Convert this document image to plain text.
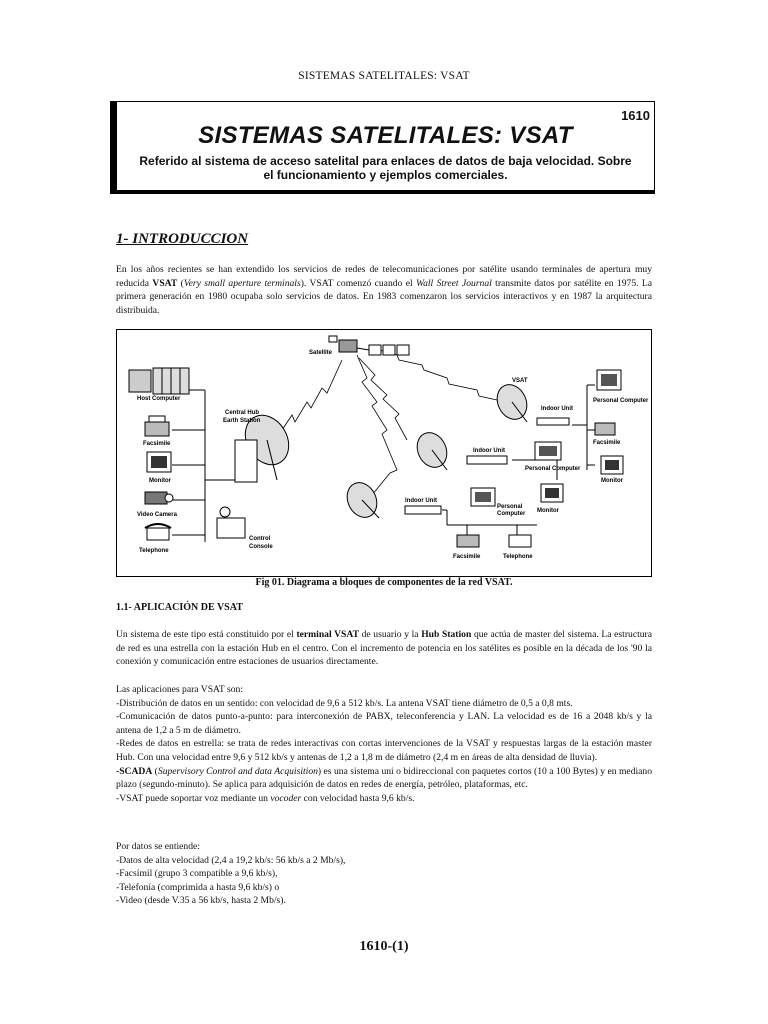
SISTEMAS SATELITALES: VSAT
1610
SISTEMAS SATELITALES: VSAT
Referido al sistema de acceso satelital para enlaces de datos de baja velocidad. Sobre el funcionamiento y ejemplos comerciales.
1- INTRODUCCION

En los años recientes se han extendido los servicios de redes de telecomunicaciones por satélite usando terminales de apertura muy reducida VSAT (Very small aperture terminals). VSAT comenzó cuando el Wall Street Journal transmite datos por satélite en 1975. La primera generación en 1980 ocupaba solo servicios de datos. En 1983 comenzaron los servicios interactivos y en 1987 la arquitectura distribuida.

Satellite
VSAT
Host Computer
Central Hub
Earth Station
Facsimile
Monitor
Video Camera
Telephone
Control
Console
Indoor Unit
Personal Computer
Facsimile
Monitor
Indoor Unit
Personal Computer
Monitor
Indoor Unit
Personal
Computer
Facsimile	Telephone
Fig 01. Diagrama a bloques de componentes de la red VSAT.
1.1- APLICACIÓN DE VSAT

Un sistema de este tipo está constituido por el terminal VSAT de usuario y la Hub Station que actúa de master del sistema. La estructura de red es una estrella con la estación Hub en el centro. Con el incremento de potencia en los satélites es posible en la década de los '90 la conexión y comunicación entre estaciones de usuarios directamente.

Las aplicaciones para VSAT son:

-Distribución de datos en un sentido: con velocidad de 9,6 a 512 kb/s. La antena VSAT tiene diámetro de 0,5 a 0,8 mts.

-Comunicación de datos punto-a-punto: para interconexión de PABX, teleconferencia y LAN. La velocidad es de 16 a 2048 kb/s y la antena de 1,2 a 5 m de diámetro.

-Redes de datos en estrella: se trata de redes interactivas con cortas intervenciones de la VSAT y respuestas largas de la estación master Hub. Con una velocidad entre 9,6 y 512 kb/s y antenas de 1,2 a 1,8 m de diámetro (2,4 m en áreas de alta densidad de lluvia).

-SCADA (Supervisory Control and data Acquisition) es una sistema uni o bidireccional con paquetes cortos (10 a 100 Bytes) y en mediano plazo (segundo-minuto). Se aplica para adquisición de datos en redes de energía, petróleo, plataformas, etc.

-VSAT puede soportar voz mediante un vocoder con velocidad hasta 9,6 kb/s.

Por datos se entiende:

-Datos de alta velocidad (2,4 a 19,2 kb/s: 56 kb/s a 2 Mb/s),

-Facsímil (grupo 3 compatible a 9,6 kb/s),

-Telefonía (comprimida a hasta 9,6 kb/s) o

-Video (desde V.35 a 56 kb/s, hasta 2 Mb/s).

1610-(1)
